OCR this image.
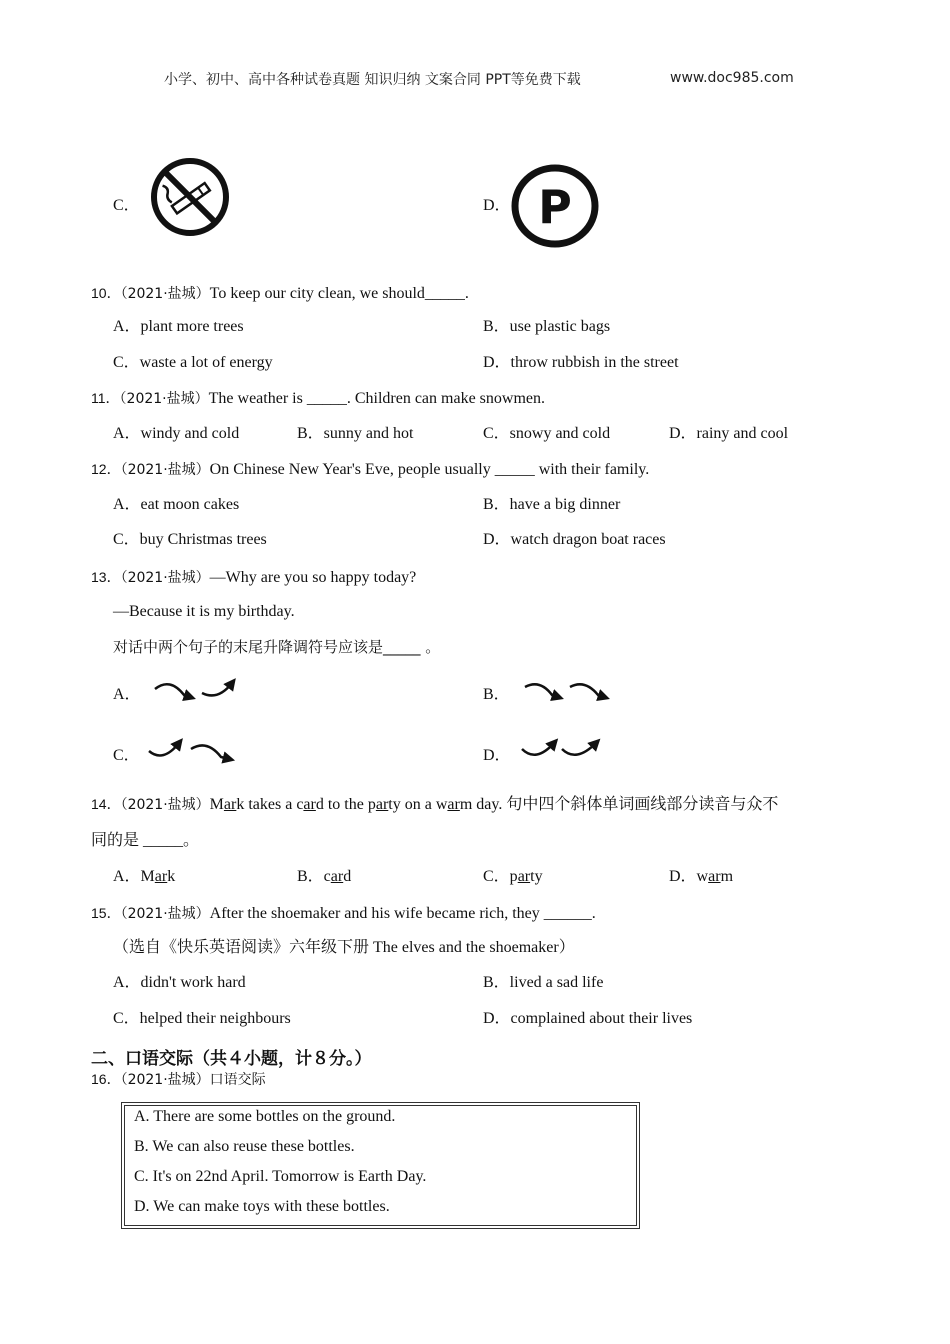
小学、初中、高中各种试卷真题 知识归纳 文案合同 PPT等免费下载	www.doc985.com
C．	D． P
10．（2021·盐城）To keep our city clean, we should_____.
A．plant more trees	B．use plastic bags
C．waste a lot of energy	D．throw rubbish in the street
11．（2021·盐城）The weather is _____. Children can make snowmen.
A．windy and cold	B．sunny and hot	C．snowy and cold	D．rainy and cool
12．（2021·盐城）On Chinese New Year's Eve, people usually _____ with their family.
A．eat moon cakes	B．have a big dinner
C．buy Christmas trees	D．watch dragon boat races
13．（2021·盐城）—Why are you so happy today?
—Because it is my birthday.
对话中两个句子的末尾升降调符号应该是_____ 。
A．	B．
C．	D．
14．（2021·盐城）Mark takes a card to the party on a warm day. 句中四个斜体单词画线部分读音与众不
同的是 _____。
A．Mark	B．card	C．party	D．warm
15．（2021·盐城）After the shoemaker and his wife became rich, they ______.
（选自《快乐英语阅读》六年级下册 The elves and the shoemaker）
A．didn't work hard	B．lived a sad life
C．helped their neighbours	D．complained about their lives
二、口语交际（共４小题，计８分。）
16．（2021·盐城）口语交际
A. There are some bottles on the ground.
B. We can also reuse these bottles.
C. It's on 22nd April. Tomorrow is Earth Day.
D. We can make toys with these bottles.
